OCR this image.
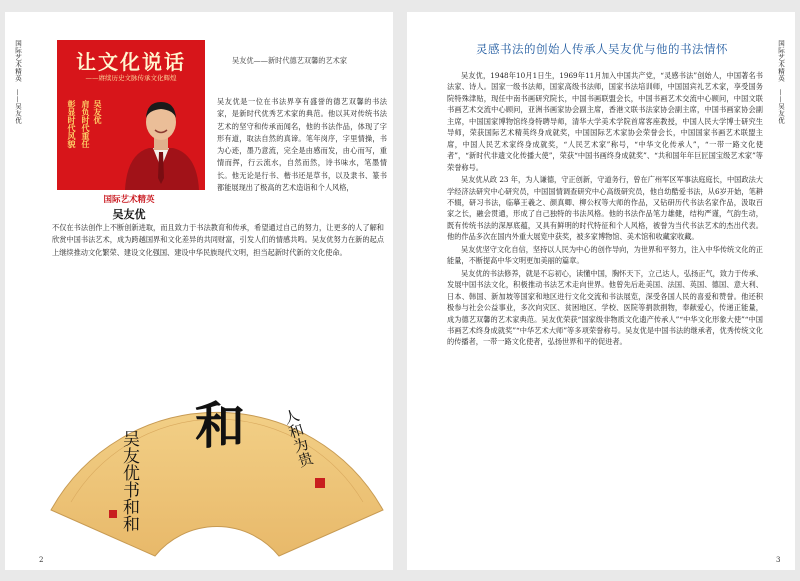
国际艺术精英 ——吴友优
让文化说话
——赓续历史文脉传承文化辉煌
彰显时代风貌 肩负时代重任 吴友优
国际艺术精英
吴友优
吴友优——新时代德艺双馨的艺术家
吴友优是一位在书法界享有盛誉的德艺双馨的书法家，是新时代优秀艺术家的典范。他以其对传统书法艺术的坚守和传承而闻名，他的书法作品，体现了字形有道，取法自然的真谛。笔年岗序，字里情操，书为心迹，墨乃意流，完全是由感而发，由心而写，重情而挥，行云流水，自然而然，诗书味水，笔墨情长。他无论是行书、楷书还是草书，以及隶书、篆书都能展现出了极高的艺术造诣和个人风格，
不仅在书法创作上不断创新进取，而且致力于书法教育和传承，希望通过自己的努力，让更多的人了解和欣赏中国书法艺术，成为跨越国界和文化差异的共同财富，引发人们的情感共鸣。吴友优努力在新的起点上继续推动文化繁荣、建设文化强国、建设中华民族现代文明，担当起新时代新的文化使命。
和
吴友优书和和	人和为贵
2
国际艺术精英 ——吴友优
灵感书法的创始人传承人吴友优与他的书法情怀

吴友优，1948年10月1日生，1969年11月加入中国共产党，“灵感书法”创始人，中国著名书法家、诗人。国家一级书法师，国家高级书法师，国家书法培训师，中国国宾礼艺术家，享受国务院特殊津贴，现任中南书画研究院长，中国书画联盟会长，中国书画艺术交流中心顾问，中国文联书画艺术交流中心顾问，亚洲书画家协会副主席，香港文联书法家协会副主席，中国书画家协会副主席，中国国家博物馆终身特聘导师，清华大学美术学院首席客座教授，中国人民大学博士研究生导师，荣获国际艺术精英终身成就奖，中国国际艺术家协会荣誉会长，中国国家书画艺术联盟主席，中国人民艺术家终身成就奖，“人民艺术家”称号，“中华文化传承人”，“一带一路文化使者”，“新时代非遗文化传播大使”，荣获“中国书画终身成就奖”、“共和国年年巨匠国宝级艺术家”等荣誉称号。

吴友优从政 23 年，为人谦德，守正创新，守道务行，曾在广州军区军事法庭庭长，中国政法大学经济法研究中心研究员，中国国情调查研究中心高级研究员，他自幼酷爱书法，从6岁开始，笔耕不辍，研习书法，临摹王羲之、颜真卿、柳公权等大师的作品，又钻研历代书法名家作品，汲取百家之长，融会贯通，形成了自己独特的书法风格。他的书法作品笔力雄健，结构严谨，气韵生动，既有传统书法的深厚底蕴，又具有鲜明的时代特征和个人风格，被誉为当代书法艺术的杰出代表。他的作品多次在国内外重大展览中获奖，被多家博物馆、美术馆和收藏家收藏。

吴友优坚守文化自信，坚持以人民为中心的创作导向，为世界和平努力，注入中华传统文化的正能量，不断提高中华文明更加美丽的篇章。

吴友优的书法修养，就是不忘初心，读懂中国，胸怀天下，立己达人，弘扬正气，致力于传承、发展中国书法文化，积极推动书法艺术走向世界。他曾先后赴美国、法国、英国、德国、意大利、日本、韩国、新加坡等国家和地区进行文化交流和书法展览，深受各国人民的喜爱和赞誉。他还积极参与社会公益事业，多次向灾区、贫困地区、学校、医院等捐款捐物，奉献爱心，传递正能量，成为德艺双馨的艺术家典范。吴友优荣获“国家级非物质文化遗产传承人”“中华文化形象大使”“中国书画艺术终身成就奖”“中华艺术大师”等多项荣誉称号。吴友优是中国书法的继承者，优秀传统文化的传播者，一带一路文化使者，弘扬世界和平的促进者。

3
